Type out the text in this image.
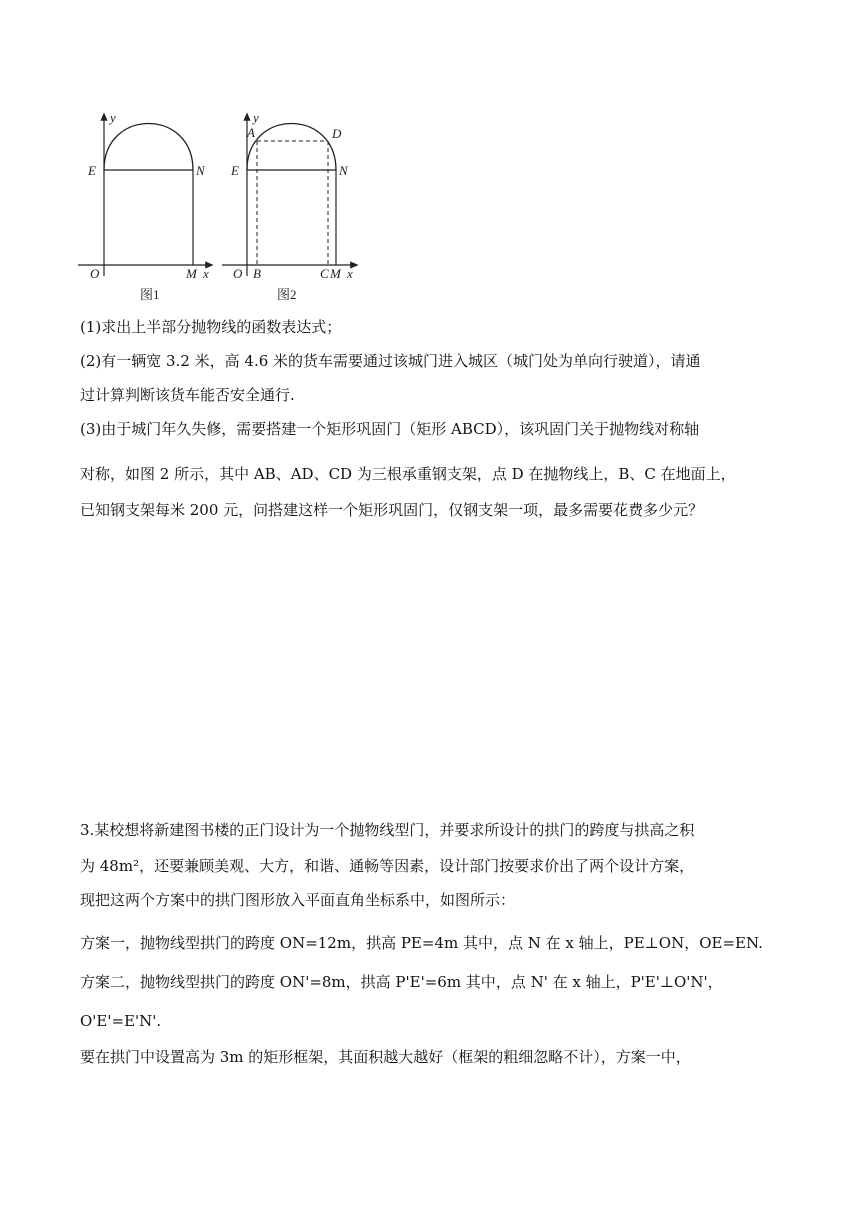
y
E	N
O	M x
图1
y
A	D
E	N
O B	C M x
图2

(1)求出上半部分抛物线的函数表达式；

(2)有一辆宽 3.2 米，高 4.6 米的货车需要通过该城门进入城区（城门处为单向行驶道），请通

过计算判断该货车能否安全通行.

(3)由于城门年久失修，需要搭建一个矩形巩固门（矩形 ABCD），该巩固门关于抛物线对称轴

对称，如图 2 所示，其中 AB、AD、CD 为三根承重钢支架，点 D 在抛物线上，B、C 在地面上，

已知钢支架每米 200 元，问搭建这样一个矩形巩固门，仅钢支架一项，最多需要花费多少元？

3.某校想将新建图书楼的正门设计为一个抛物线型门，并要求所设计的拱门的跨度与拱高之积

为 48m²，还要兼顾美观、大方，和谐、通畅等因素，设计部门按要求价出了两个设计方案，

现把这两个方案中的拱门图形放入平面直角坐标系中，如图所示：

方案一，抛物线型拱门的跨度 ON=12m，拱高 PE=4m 其中，点 N 在 x 轴上，PE⊥ON，OE=EN.

方案二，抛物线型拱门的跨度 ON'=8m，拱高 P'E'=6m 其中，点 N' 在 x 轴上，P'E'⊥O'N'，

O'E'=E'N'.

要在拱门中设置高为 3m 的矩形框架，其面积越大越好（框架的粗细忽略不计），方案一中，
